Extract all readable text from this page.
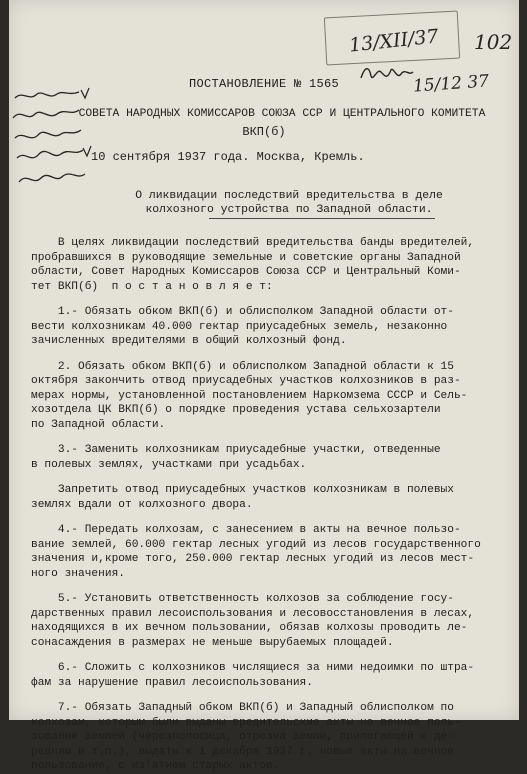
13/XII/37 102
15/12 37
ПОСТАНОВЛЕНИЕ № 1565
СОВЕТА НАРОДНЫХ КОМИССАРОВ СОЮЗА ССР И ЦЕНТРАЛЬНОГО КОМИТЕТА
ВКП(б)
10 сентября 1937 года. Москва, Кремль.
О ликвидации последствий вредительства в деле
колхозного устройства по Западной области.
В целях ликвидации последствий вредительства банды вредителей,
пробравшихся в руководящие земельные и советские органы Западной
области, Совет Народных Комиссаров Союза ССР и Центральный Коми-
тет ВКП(б)  п о с т а н о в л я е т:
1.- Обязать обком ВКП(б) и облисполком Западной области от-
вести колхозникам 40.000 гектар приусадебных земель, незаконно
зачисленных вредителями в общий колхозный фонд.
2. Обязать обком ВКП(б) и облисполком Западной области к 15
октября закончить отвод приусадебных участков колхозников в раз-
мерах нормы, установленной постановлением Наркомзема СССР и Сель-
хозотдела ЦК ВКП(б) о порядке проведения устава сельхозартели
по Западной области.
3.- Заменить колхозникам приусадебные участки, отведенные
в полевых землях, участками при усадьбах.
Запретить отвод приусадебных участков колхозникам в полевых
землях вдали от колхозного двора.
4.- Передать колхозам, с занесением в акты на вечное пользо-
вание землей, 60.000 гектар лесных угодий из лесов государственного
значения и,кроме того, 250.000 гектар лесных угодий из лесов мест-
ного значения.
5.- Установить ответственность колхозов за соблюдение госу-
дарственных правил лесоиспользования и лесовосстановления в лесах,
находящихся в их вечном пользовании, обязав колхозы проводить ле-
сонасаждения в размерах не меньше вырубаемых площадей.
6.- Сложить с колхозников числящиеся за ними недоимки по штра-
фам за нарушение правил лесоиспользования.
7.- Обязать Западный обком ВКП(б) и Западный облисполком по
колхозам, которым были выданы вредительские акты на вечное поль-
зование землей (черезполосица, отрезка земли, прилегающей к де-
ревням и т.п.), выдать к 1 декабря 1937 г. новые акты на вечное
пользование, с из'ятием старых актов.
